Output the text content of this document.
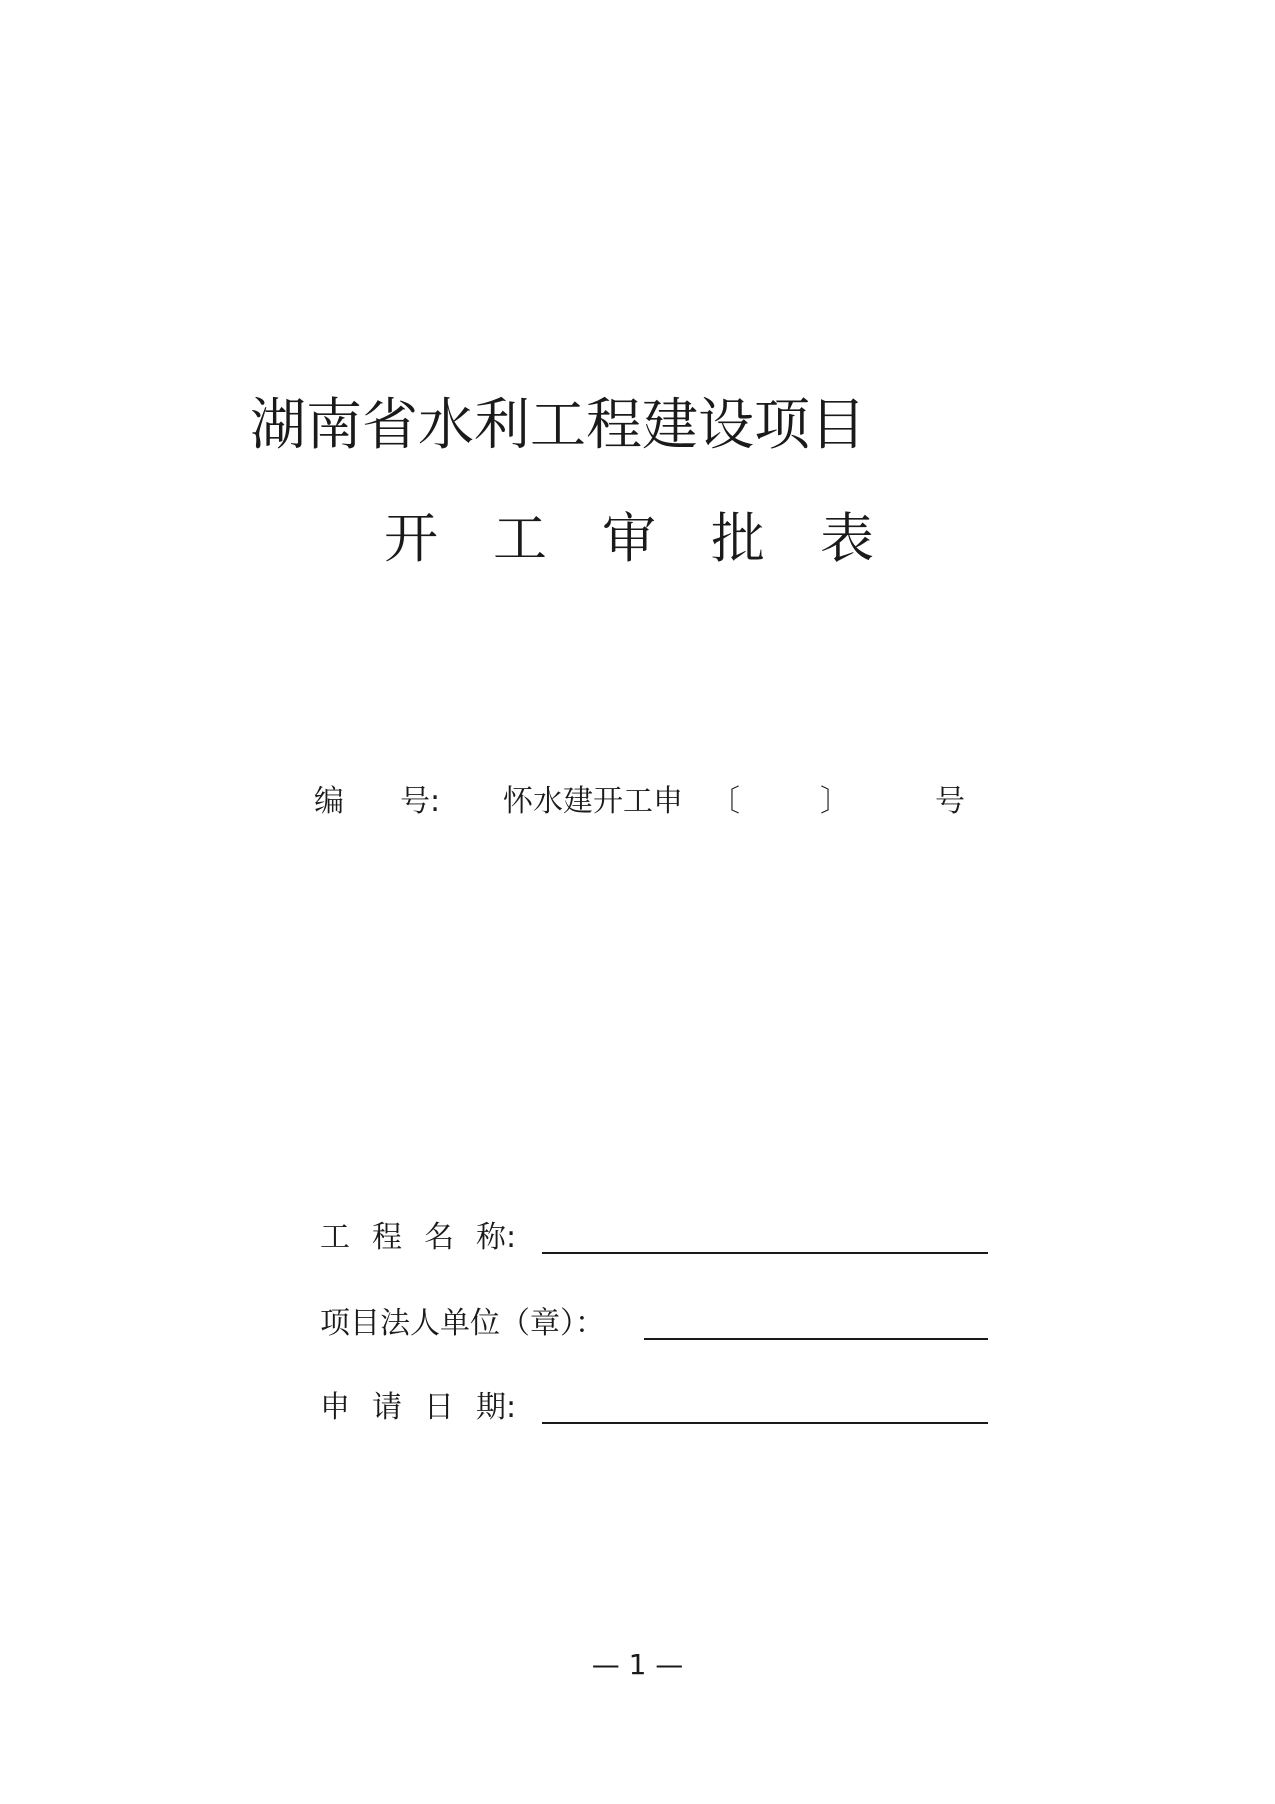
湖南省水利工程建设项目
开 工 审 批 表
编 号: 怀水建开工申 〔	〕	号
工 程 名 称:
项目法人单位（章）：
申 请 日 期:
— 1 —
